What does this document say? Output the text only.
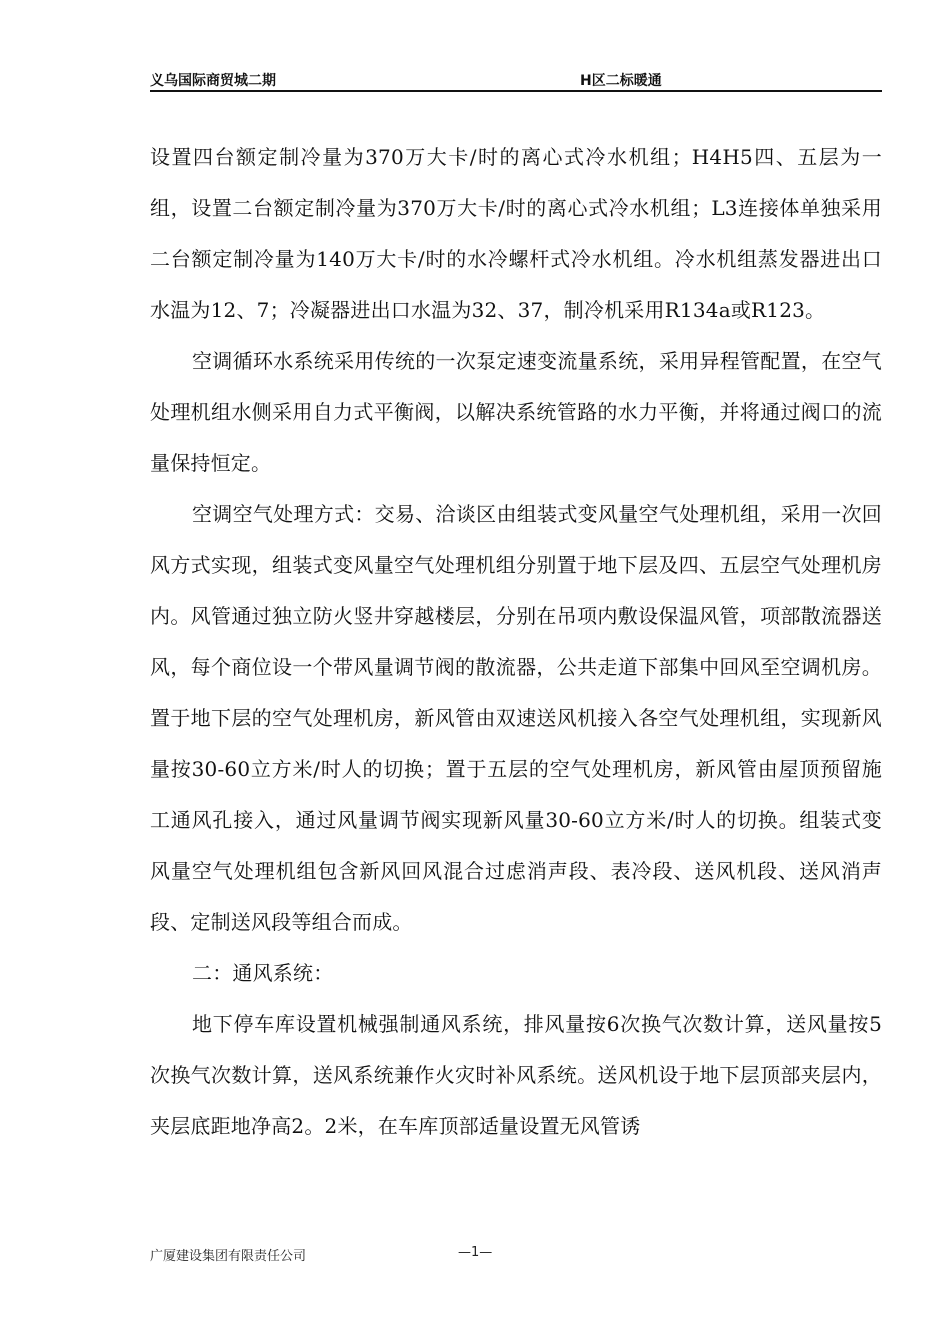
义乌国际商贸城二期	H区二标暖通

设置四台额定制冷量为370万大卡/时的离心式冷水机组；H4H5四、五层为一组，设置二台额定制冷量为370万大卡/时的离心式冷水机组；L3连接体单独采用二台额定制冷量为140万大卡/时的水冷螺杆式冷水机组。冷水机组蒸发器进出口水温为12、7；冷凝器进出口水温为32、37，制冷机采用R134a或R123。

空调循环水系统采用传统的一次泵定速变流量系统，采用异程管配置，在空气处理机组水侧采用自力式平衡阀，以解决系统管路的水力平衡，并将通过阀口的流量保持恒定。

空调空气处理方式：交易、洽谈区由组装式变风量空气处理机组，采用一次回风方式实现，组装式变风量空气处理机组分别置于地下层及四、五层空气处理机房内。风管通过独立防火竖井穿越楼层，分别在吊项内敷设保温风管，项部散流器送风，每个商位设一个带风量调节阀的散流器，公共走道下部集中回风至空调机房。置于地下层的空气处理机房，新风管由双速送风机接入各空气处理机组，实现新风量按30-60立方米/时人的切换；置于五层的空气处理机房，新风管由屋顶预留施工通风孔接入，通过风量调节阀实现新风量30-60立方米/时人的切换。组装式变风量空气处理机组包含新风回风混合过虑消声段、表冷段、送风机段、送风消声段、定制送风段等组合而成。

二：通风系统：

地下停车库设置机械强制通风系统，排风量按6次换气次数计算，送风量按5次换气次数计算，送风系统兼作火灾时补风系统。送风机设于地下层顶部夹层内，夹层底距地净高2。2米，在车库顶部适量设置无风管诱

广厦建设集团有限责任公司	—1—
